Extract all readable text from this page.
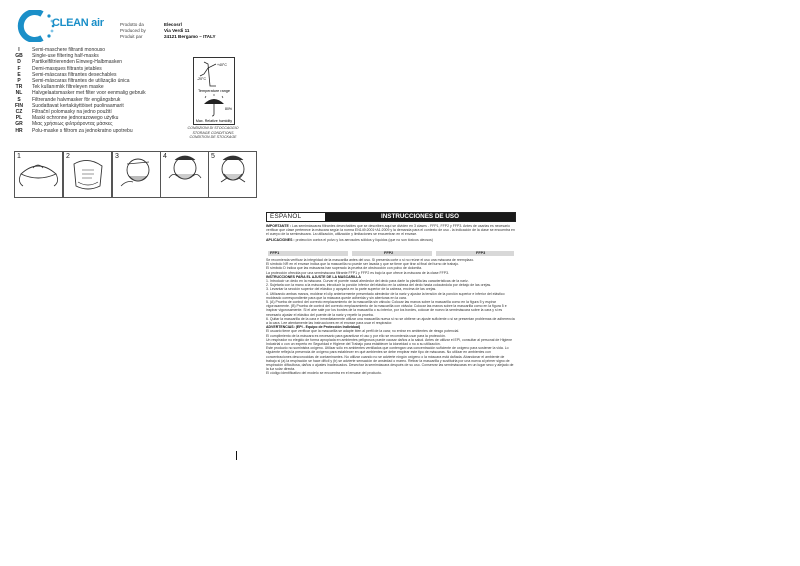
CLEAN air	Prodotto da	Elecosrl
Produced by	Via Verdi 11
Produit par	24121 Bergamo – ITALY
I	Semi-maschere filtranti monouso
GB	Single-use filtering half-masks
D	Partikelfiltrierenden Einweg-Halbmasken
F	Demi-masques filtrants jetables
E	Semi-máscaras filtrantes desechables
P	Semi-máscaras filtrantes de utilização única
TR	Tek kullanımlık filtreleyen maske
NL	Halvgelaatsmasker met filter voor eenmalig gebruik
S	Filtrerande halvmasker för engångsbruk
FIN	Suodattavat kertakäyttöiset puolinaamarit
CZ	Filtrační polomasky na jedno použití
PL	Maski ochronne jednorazowego użytku
GR	Μιας χρήσεως φιλτράροντας μάσκες
HR	Polu-maske s filtrom za jednokratno upotrebu
+40°C
-20°C
Temperature range
80%
Max. Relative humidity
CONDIZIONI DI STOCCAGGIO
STORAGE CONDITIONS
CONDITION DE STOCKAGE
1	2	3	4	5
ESPAÑOL	INSTRUCCIONES DE USO
IMPORTANTE : Las semimáscaras filtrantes desechables que se describen aquí se dividen en 3 clases - FFP1, FFP2 y FFP3. Antes de usarlas es necesario verificar que clase pertenece la máscara según la norma EN149:2001+A1:2009 y la demanda para el contexto de uso - la indicación de la clase se encuentra en el cuerpo de la semimáscara. La utilización, utilización y limitaciones se encuentran en el envase.
APLICACIONES : protección contra el polvo y los aerosoles sólidos y líquidos (que no son tóxicos oleosos)
FFP1	FFP2	FFP3
Se recomienda verificar la integridad de la mascarilla antes del uso. Si presenta corte o si no reúne el uso una máscara de reemplazo.
El símbolo NR en el envase indica que la mascarilla no puede ser lavada y que se tiene que tirar al final del turno de trabajo.
El símbolo D indica que las máscaras han superado la prueba de obstrucción con polvo de dolomita.
La protección ofrecida por una semimáscara filtrante FFP1 y FFP2 es bajo la que ofrece la máscara de la clase FFP3.
INSTRUCCIONES PARA EL AJUSTE DE LA MASCARILLA
1. Introducir un dedo en la máscara. Curvar el puente nasal alrededor del dedo para darle la plantilla las características de la nariz.
2. Sujetarla con la mano a la máscara, introducir la porción inferior del elástico en la cabeza del dedo hasta colocándola por debajo de las orejas.
3. Levantar la sección superior del elástico y apoyarla en la parte superior de la cabeza, encima de las orejas.
4. Utilizando ambas manos, moldear el clip anteriormente presentado alrededor de la nariz y ajustar la tensión de la porción superior e inferior del elástico moldeado correspondiente para que la máscara quede adherida y sin aberturas en la cara.
5. (A) Prueba de control del correcto emplazamiento de la mascarilla sin válvula: Colocar las manos sobre la mascarilla como en la figura 5 y espirar vigorosamente. (B) Prueba de control del correcto emplazamiento de la mascarilla con válvula: Colocar las manos sobre la mascarilla como en la figura 5 e inspirar vigorosamente. Si el aire sale por los bordes de la mascarilla o su interior, por los bordes, colocar de nuevo la semimáscara sobre la cara y si es necesario ajustar el elástico del puente de la nariz y repetir la prueba.
6. Quitar la mascarilla de la cara e inmediatamente utilizar una mascarilla nueva si no se obtiene un ajuste suficiente o si se presentan problemas de adherencia a la cara. Lee atentamente las instrucciones en el envase para usar el respirador.
ADVERTENCIAS: (EPI - Equipo de Protección Individual)
El usuario tiene que verificar que la mascarilla se adapte bien al perfil de la cara; no entrar en ambientes de riesgo potencial.
El cumplimiento de la máscara es necesario para garantizar el uso y por ello se recomienda usar para la protección.
Un respirador no elegido de forma apropiada en ambientes peligrosos puede causar daños a la salud. Antes de utilizar el EPI, consultar al personal de Higiene Industrial o con un experto en Seguridad e Higiene del Trabajo para establecer la idoneidad o no a su utilización.
Este producto no suministra oxígeno. Utilizar sólo en ambientes ventilados que contengan una concentración suficiente de oxígeno para sostener la vida. Lo siguiente refleja la presencia de oxígeno para establecer en qué ambientes se debe emplear este tipo de máscaras. No utilizar en ambientes con concentraciones desconocidas de contaminantes. No utilizar cuando no se advierte ningún oxígeno o la máscara está dañada. Abandonar el ambiente de trabajo si (a) la respiración se hace difícil y (b) se advierte sensación de ansiedad o mareo. Retirar la mascarilla y sustituirla por una nueva al primer signo de respiración dificultosa, daños o ajustes inadecuados. Desechar la semimáscara después de su uso. Conservar las semimáscaras en un lugar seco y alejado de la luz solar directa.
El código identificativo del modelo se encuentra en el envase del producto.
